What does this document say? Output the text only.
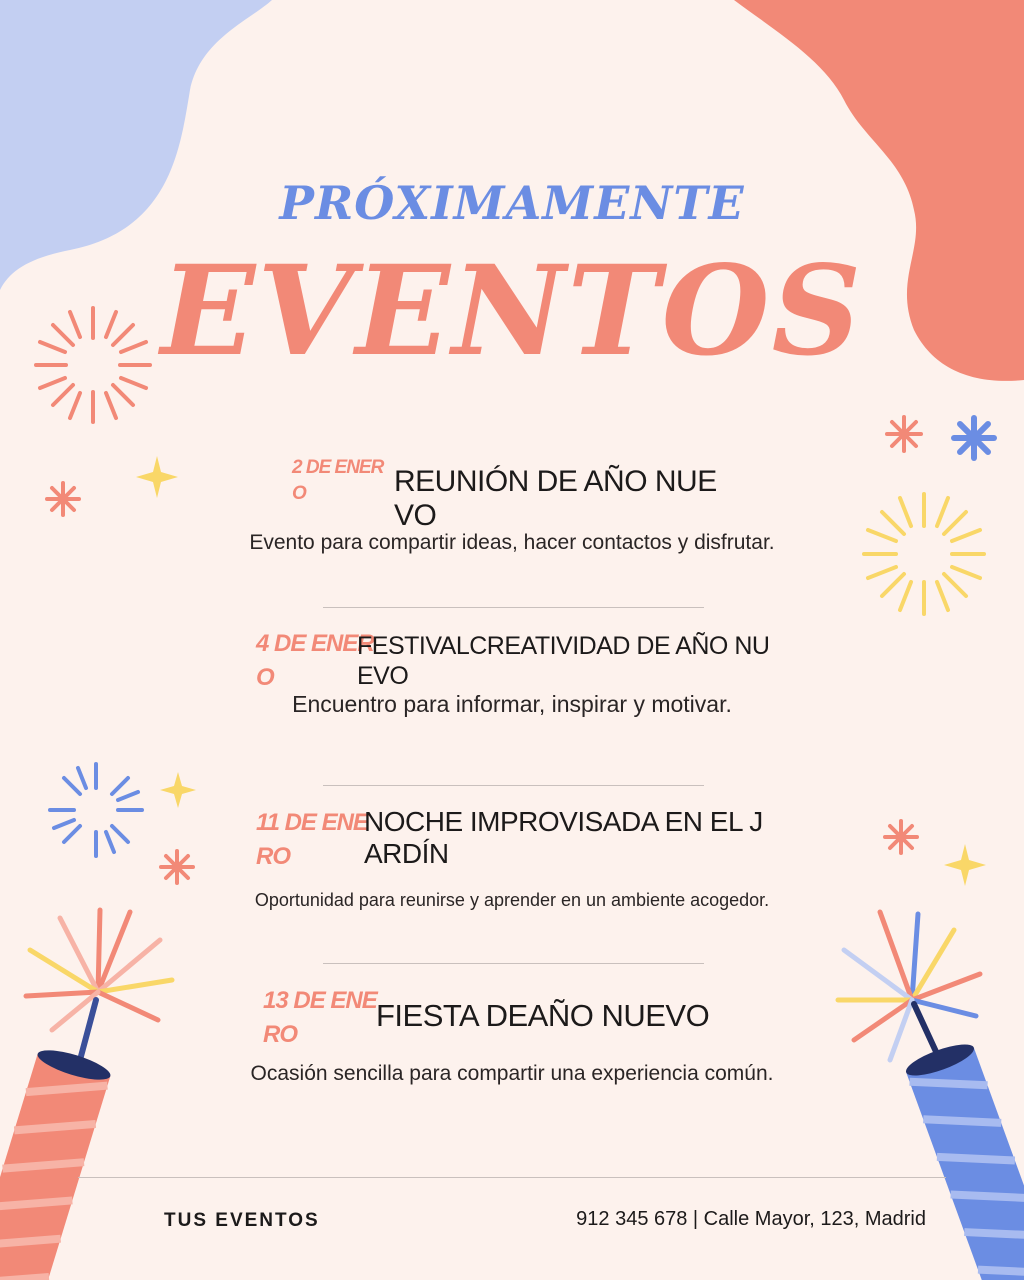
PRÓXIMAMENTE
EVENTOS
2 DE ENERO	REUNIÓN DE AÑO NUEVO
Evento para compartir ideas, hacer contactos y disfrutar.
4 DE ENERO
FESTIVALCREATIVIDAD DE AÑO NUEVO
Encuentro para informar, inspirar y motivar.
11 DE ENERO
NOCHE IMPROVISADA EN EL JARDÍN
Oportunidad para reunirse y aprender en un ambiente acogedor.
13 DE ENERO
FIESTA DEAÑO NUEVO
Ocasión sencilla para compartir una experiencia común.
TUS EVENTOS	912 345 678 | Calle Mayor, 123, Madrid
